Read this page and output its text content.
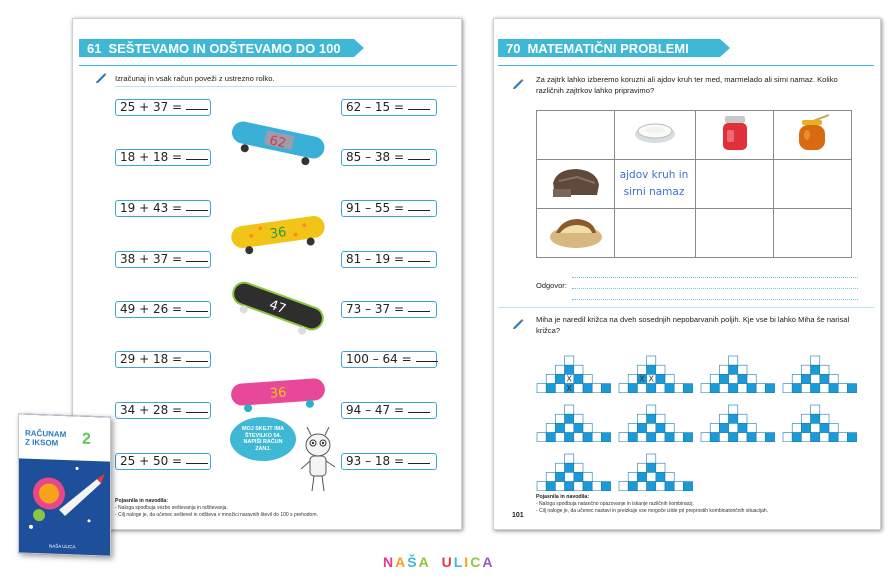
61 SEŠTEVAMO IN ODŠTEVAMO DO 100
Izračunaj in vsak račun poveži z ustrezno rolko.
25 + 37 =
18 + 18 =
19 + 43 =
38 + 37 =
49 + 26 =
29 + 18 =
34 + 28 =
25 + 50 =
62 – 15 =
85 – 38 =
91 – 55 =
81 – 19 =
73 – 37 =
100 – 64 =
94 – 47 =
93 – 18 =
62
36
47
36
MOJ SKEJT IMA ŠTEVILKO 54. NAPIŠI RAČUN ZANJ.
Pojasnila in navodila:
- Naloga spodbuja vezbo seštevanja in odštevanja.
- Cilj naloge je, da učenec seštevel in odšteva v množici naravnih števil do 100 s prehodom.
70 MATEMATIČNI PROBLEMI
Za zajtrk lahko izberemo koruzni ali ajdov kruh ter med, marmelado ali sirni namaz. Koliko različnih zajtrkov lahko pripravimo?

ajdov kruh in sirni namaz		

Odgovor:
Miha je naredil križca na dveh sosednjih nepobarvanih poljih. Kje vse bi lahko Miha še narisal križca?
X
X
X X
Pojasnila in navodila:
- Naloga spodbuja natančno opazovanje in iskanje različnih kombinacij.
- Cilj naloge je, da učenec nastavi in preizkuje vse mogoče izide pri preprostih kombinatoričnih situacijah.
101
RAČUNAM
Z IKSOM	2
NAŠA ULICA
NAŠA ULICA
